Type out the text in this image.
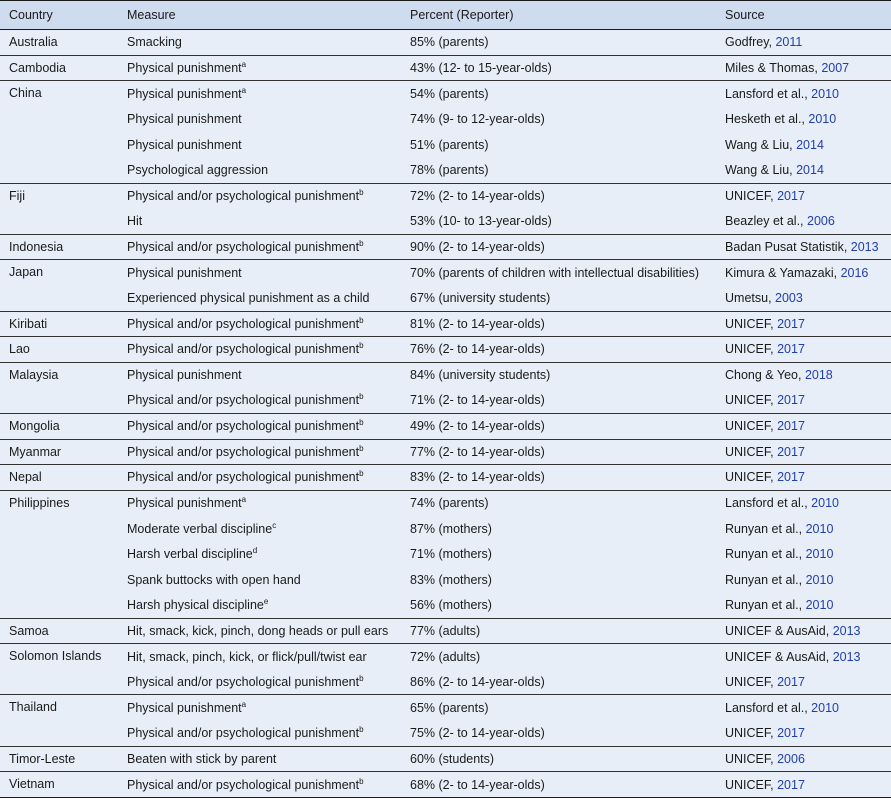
Country	Measure	Percent (Reporter)	Source
Australia	Smacking	85% (parents)	Godfrey, 2011
Cambodia	Physical punishment$^a$	43% (12- to 15-year-olds)	Miles & Thomas, 2007
China	Physical punishment$^a$	54% (parents)	Lansford et al., 2010
	Physical punishment	74% (9- to 12-year-olds)	Hesketh et al., 2010
	Physical punishment	51% (parents)	Wang & Liu, 2014
	Psychological aggression	78% (parents)	Wang & Liu, 2014
Fiji	Physical and/or psychological punishment$^b$	72% (2- to 14-year-olds)	UNICEF, 2017
	Hit	53% (10- to 13-year-olds)	Beazley et al., 2006
Indonesia	Physical and/or psychological punishment$^b$	90% (2- to 14-year-olds)	Badan Pusat Statistik, 2013
Japan	Physical punishment	70% (parents of children with intellectual disabilities)	Kimura & Yamazaki, 2016
	Experienced physical punishment as a child	67% (university students)	Umetsu, 2003
Kiribati	Physical and/or psychological punishment$^b$	81% (2- to 14-year-olds)	UNICEF, 2017
Lao	Physical and/or psychological punishment$^b$	76% (2- to 14-year-olds)	UNICEF, 2017
Malaysia	Physical punishment	84% (university students)	Chong & Yeo, 2018
	Physical and/or psychological punishment$^b$	71% (2- to 14-year-olds)	UNICEF, 2017
Mongolia	Physical and/or psychological punishment$^b$	49% (2- to 14-year-olds)	UNICEF, 2017
Myanmar	Physical and/or psychological punishment$^b$	77% (2- to 14-year-olds)	UNICEF, 2017
Nepal	Physical and/or psychological punishment$^b$	83% (2- to 14-year-olds)	UNICEF, 2017
Philippines	Physical punishment$^a$	74% (parents)	Lansford et al., 2010
	Moderate verbal discipline$^c$	87% (mothers)	Runyan et al., 2010
	Harsh verbal discipline$^d$	71% (mothers)	Runyan et al., 2010
	Spank buttocks with open hand	83% (mothers)	Runyan et al., 2010
	Harsh physical discipline$^e$	56% (mothers)	Runyan et al., 2010
Samoa	Hit, smack, kick, pinch, dong heads or pull ears	77% (adults)	UNICEF & AusAid, 2013
Solomon Islands	Hit, smack, pinch, kick, or flick/pull/twist ear	72% (adults)	UNICEF & AusAid, 2013
	Physical and/or psychological punishment$^b$	86% (2- to 14-year-olds)	UNICEF, 2017
Thailand	Physical punishment$^a$	65% (parents)	Lansford et al., 2010
	Physical and/or psychological punishment$^b$	75% (2- to 14-year-olds)	UNICEF, 2017
Timor-Leste	Beaten with stick by parent	60% (students)	UNICEF, 2006
Vietnam	Physical and/or psychological punishment$^b$	68% (2- to 14-year-olds)	UNICEF, 2017
